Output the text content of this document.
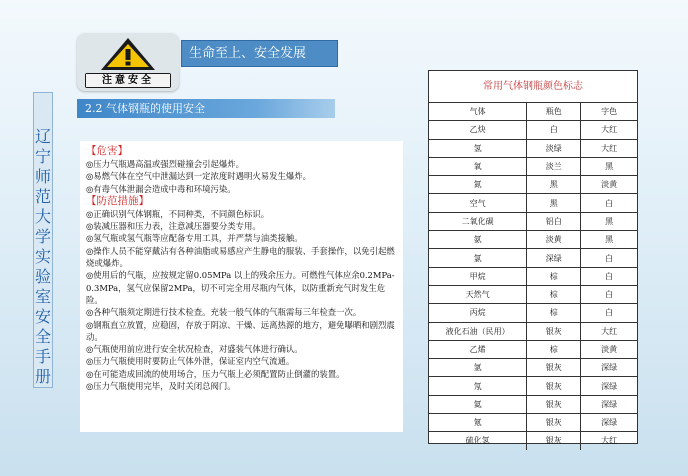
注意安全
生命至上、安全发展
2.2 气体钢瓶的使用安全
辽
宁
师
范
大
学
实
验
室
安
全
手
册
【危害】

◎压力气瓶遇高温或强烈碰撞会引起爆炸。

◎易燃气体在空气中泄漏达到一定浓度时遇明火易发生爆炸。

◎有毒气体泄漏会造成中毒和环境污染。

【防范措施】

◎正确识别气体钢瓶，不同种类，不同颜色标识。

◎装减压器和压力表，注意减压器要分类专用。

◎氢气瓶或氢气瓶等应配备专用工具，并严禁与油类接触。

◎操作人员不能穿戴沾有各种油脂或易感应产生静电的服装、手套操作，以免引起燃烧或爆炸。

◎使用后的气瓶，应按规定留0.05MPa 以上的残余压力。可燃性气体应余0.2MPa-0.3MPa，氢气应保留2MPa，切不可完全用尽瓶内气体，以防重新充气时发生危险。

◎各种气瓶须定期进行技术检查。充装一般气体的气瓶需每三年检查一次。

◎钢瓶直立放置，应稳固，存放于阴凉、干燥、远离热源的地方，避免曝晒和剧烈震动。

◎气瓶使用前应进行安全状况检查，对盛装气体进行确认。

◎压力气瓶使用时要防止气体外泄，保证室内空气流通。

◎在可能造成回流的使用场合，压力气瓶上必须配置防止倒灌的装置。

◎压力气瓶使用完毕，及时关闭总阀门。

常用气体钢瓶颜色标志
气体	瓶色	字色
乙炔	白	大红
氢	淡绿	大红
氧	淡兰	黑
氮	黑	淡黄
空气	黑	白
二氧化碳	铝白	黑
氨	淡黄	黑
氯	深绿	白
甲烷	棕	白
天然气	棕	白
丙烷	棕	白
液化石油（民用）	银灰	大红
乙烯	棕	淡黄
氩	银灰	深绿
氖	银灰	深绿
氦	银灰	深绿
氪	银灰	深绿
硫化氢	银灰	大红
